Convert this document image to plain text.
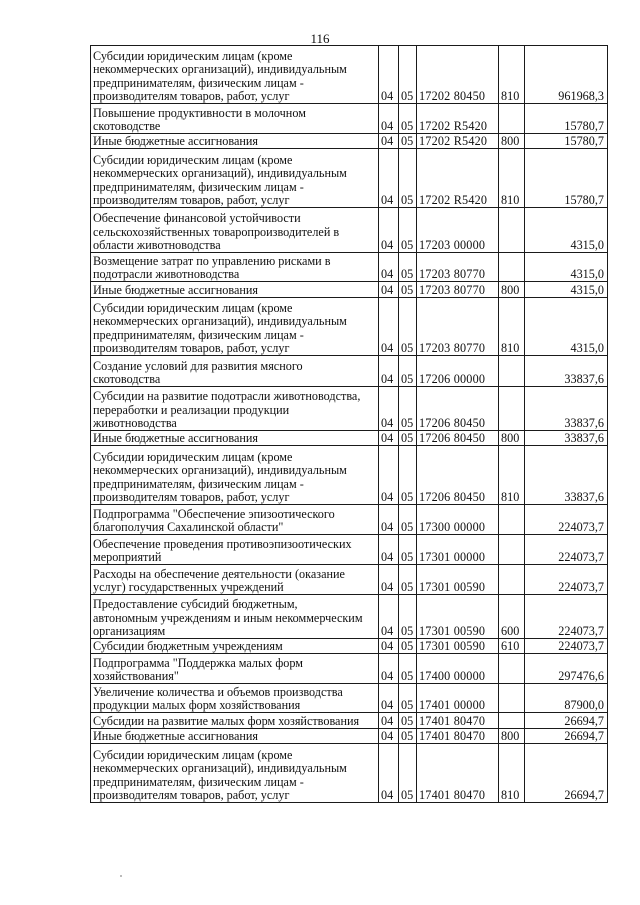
116
Субсидии юридическим лицам (кроме
некоммерческих организаций), индивидуальным
предпринимателям, физическим лицам -
производителям товаров, работ, услуг	04	05	17202 80450	810	961968,3
Повышение продуктивности в молочном
скотоводстве	04	05	17202 R5420		15780,7
Иные бюджетные ассигнования	04	05	17202 R5420	800	15780,7
Субсидии юридическим лицам (кроме
некоммерческих организаций), индивидуальным
предпринимателям, физическим лицам -
производителям товаров, работ, услуг	04	05	17202 R5420	810	15780,7
Обеспечение финансовой устойчивости
сельскохозяйственных товаропроизводителей в
области животноводства	04	05	17203 00000		4315,0
Возмещение затрат по управлению рисками в
подотрасли животноводства	04	05	17203 80770		4315,0
Иные бюджетные ассигнования	04	05	17203 80770	800	4315,0
Субсидии юридическим лицам (кроме
некоммерческих организаций), индивидуальным
предпринимателям, физическим лицам -
производителям товаров, работ, услуг	04	05	17203 80770	810	4315,0
Создание условий для развития мясного
скотоводства	04	05	17206 00000		33837,6
Субсидии на развитие подотрасли животноводства,
переработки и реализации продукции
животноводства	04	05	17206 80450		33837,6
Иные бюджетные ассигнования	04	05	17206 80450	800	33837,6
Субсидии юридическим лицам (кроме
некоммерческих организаций), индивидуальным
предпринимателям, физическим лицам -
производителям товаров, работ, услуг	04	05	17206 80450	810	33837,6
Подпрограмма "Обеспечение эпизоотического
благополучия Сахалинской области"	04	05	17300 00000		224073,7
Обеспечение проведения противоэпизоотических
мероприятий	04	05	17301 00000		224073,7
Расходы на обеспечение деятельности (оказание
услуг) государственных учреждений	04	05	17301 00590		224073,7
Предоставление субсидий бюджетным,
автономным учреждениям и иным некоммерческим
организациям	04	05	17301 00590	600	224073,7
Субсидии бюджетным учреждениям	04	05	17301 00590	610	224073,7
Подпрограмма "Поддержка малых форм
хозяйствования"	04	05	17400 00000		297476,6
Увеличение количества и объемов производства
продукции малых форм хозяйствования	04	05	17401 00000		87900,0
Субсидии на развитие малых форм хозяйствования	04	05	17401 80470		26694,7
Иные бюджетные ассигнования	04	05	17401 80470	800	26694,7
Субсидии юридическим лицам (кроме
некоммерческих организаций), индивидуальным
предпринимателям, физическим лицам -
производителям товаров, работ, услуг	04	05	17401 80470	810	26694,7
